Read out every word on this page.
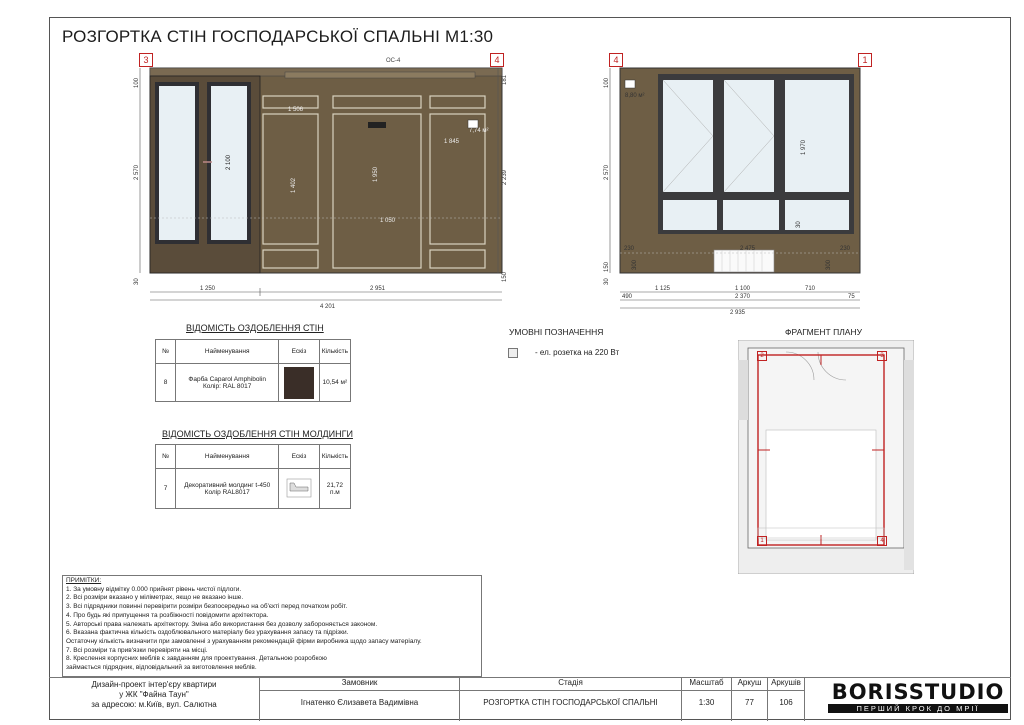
РОЗГОРТКА СТІН ГОСПОДАРСЬКОЇ СПАЛЬНІ М1:30
3	4
ОС-4
1 402
1 050
1 950
1 506
1 845
7,74 м²
1 250	2 951
4 201
2 570
100
30
2 239
181
150
2 100
4	1
8,80 м²
1 970
2 475
230	230
300	300
30
1 125	1 100	710
490	2 370	75
2 935
2 570
100
150
30
ВІДОМІСТЬ ОЗДОБЛЕННЯ СТІН
№	Найменування	Ескіз	Кількість
8	Фарба Caparol Amphibolin
Колір: RAL 8017		10,54 м²
ВІДОМІСТЬ ОЗДОБЛЕННЯ СТІН МОЛДИНГИ
№	Найменування	Ескіз	Кількість
7	Декоративний молдинг t-450
Колір RAL8017		21,72 п.м
УМОВНІ ПОЗНАЧЕННЯ
- ел. розетка на 220 Вт
ФРАГМЕНТ ПЛАНУ
2	3
1	4
ПРИМІТКИ:
1. За умовну відмітку 0.000 прийнят рівень чистої підлоги.
2. Всі розміри вказано у міліметрах, якщо не вказано інше.
3. Всі підрядники повинні перевірити розміри безпосередньо на об'єкті перед початком робіт.
4. Про будь які припущення та розбіжності повідомити архітектора.
5. Авторські права належать архітектору. Зміна або використання без дозволу забороняється законом.
6. Вказана фактична кількість оздоблювального матеріалу без урахування запасу та підрізки.
Остаточну кількість визначити при замовленні з урахуванням рекомендацій фірми виробника щодо запасу матеріалу.
7. Всі розміри та прив'язки перевіряти на місці.
8. Креслення корпусних меблів є завданням для проектування. Детальною розробкою
займається підрядник, відповідальний за виготовлення меблів.
Дизайн-проект інтер'єру квартири
у ЖК "Файна Таун"
за адресою: м.Київ, вул. Салютна
Замовник
Ігнатенко Єлизавета Вадимівна
Стадія
РОЗГОРТКА СТІН ГОСПОДАРСЬКОЇ СПАЛЬНІ
Масштаб
1:30
Аркуш
77
Аркушів
106	BORISSTUDIO
ПЕРШИЙ КРОК ДО МРІЇ
